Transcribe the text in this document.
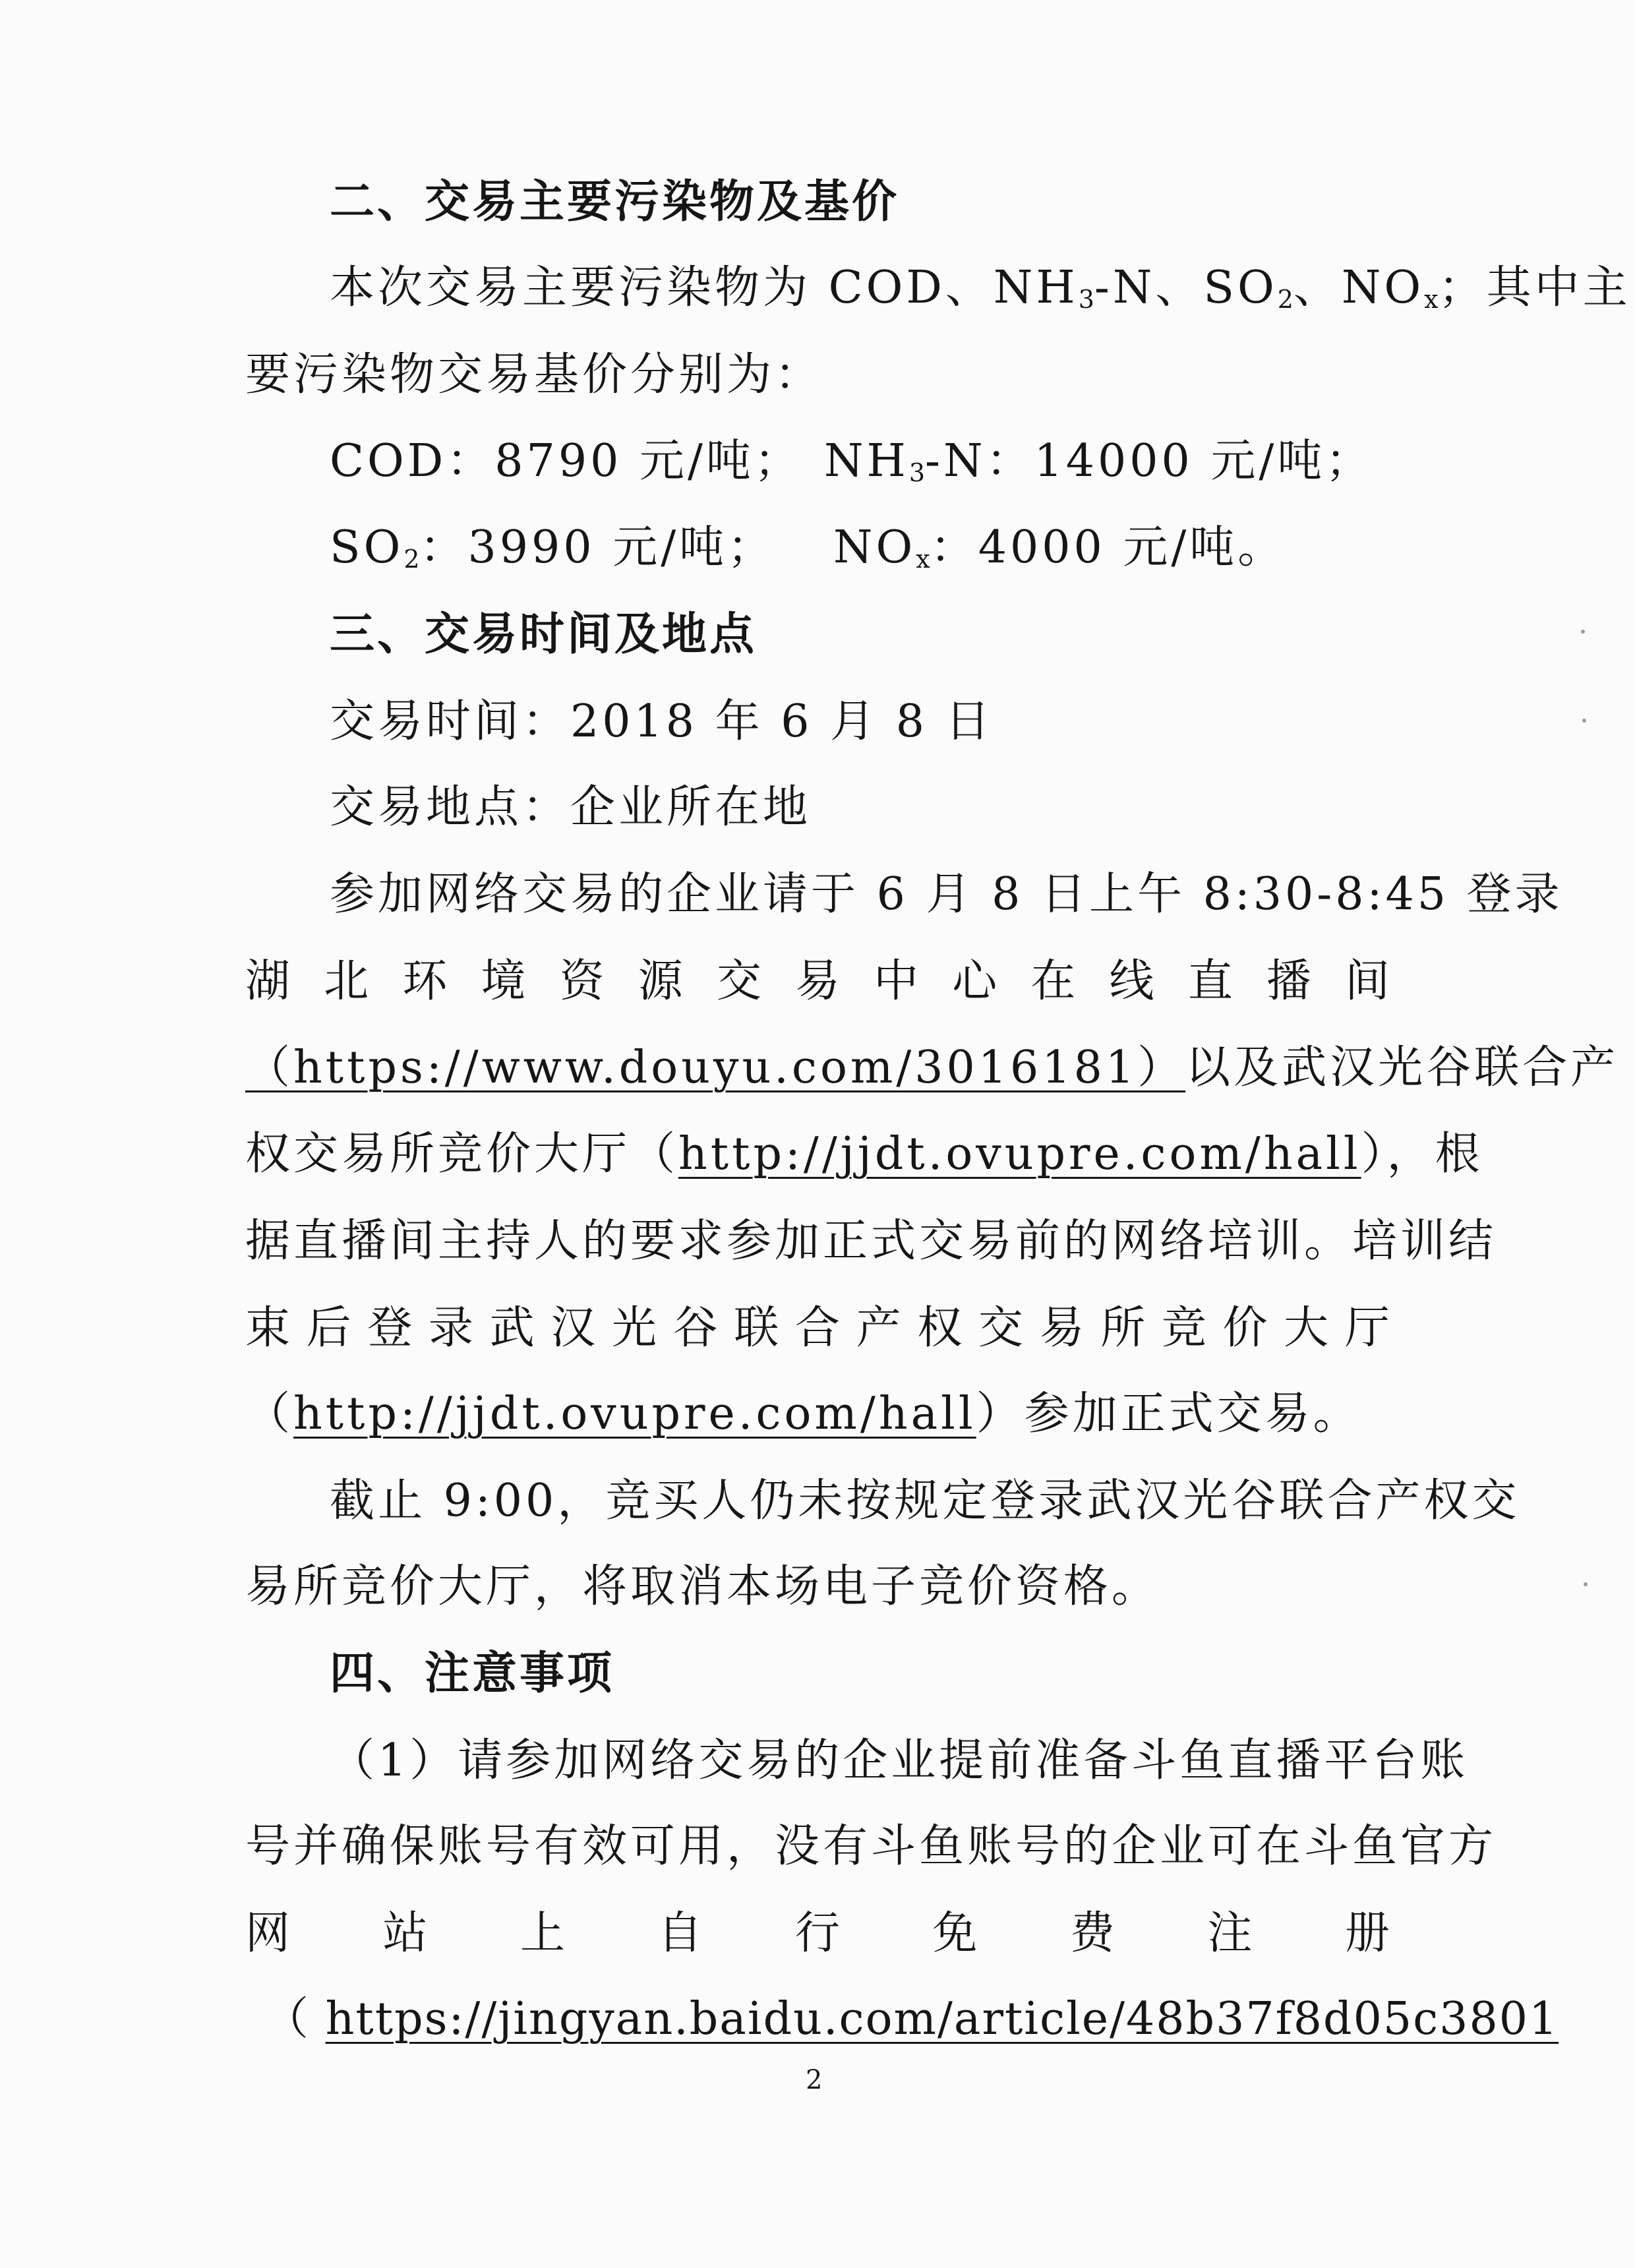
二、交易主要污染物及基价
本次交易主要污染物为 COD、$NH_3-N$、$SO_2$、$NO_x$；其中主
要污染物交易基价分别为：
COD：8790 元/吨； $NH_3-N$：14000 元/吨；
$SO_2$：3990 元/吨； $NO_x$：4000 元/吨。
三、交易时间及地点
交易时间：2018 年 6 月 8 日
交易地点：企业所在地
参加网络交易的企业请于 6 月 8 日上午 8:30-8:45 登录
湖 北 环 境 资 源 交 易 中 心 在 线 直 播 间
（https://www.douyu.com/3016181）以及武汉光谷联合产
权交易所竞价大厅（http://jjdt.ovupre.com/hall），根
据直播间主持人的要求参加正式交易前的网络培训。培训结
束 后 登 录 武 汉 光 谷 联 合 产 权 交 易 所 竞 价 大 厅
（http://jjdt.ovupre.com/hall）参加正式交易。
截止 9:00，竞买人仍未按规定登录武汉光谷联合产权交
易所竞价大厅，将取消本场电子竞价资格。
四、注意事项
（1）请参加网络交易的企业提前准备斗鱼直播平台账
号并确保账号有效可用，没有斗鱼账号的企业可在斗鱼官方
网 站 上 自 行 免 费 注 册
（ https://jingyan.baidu.com/article/48b37f8d05c3801
2
